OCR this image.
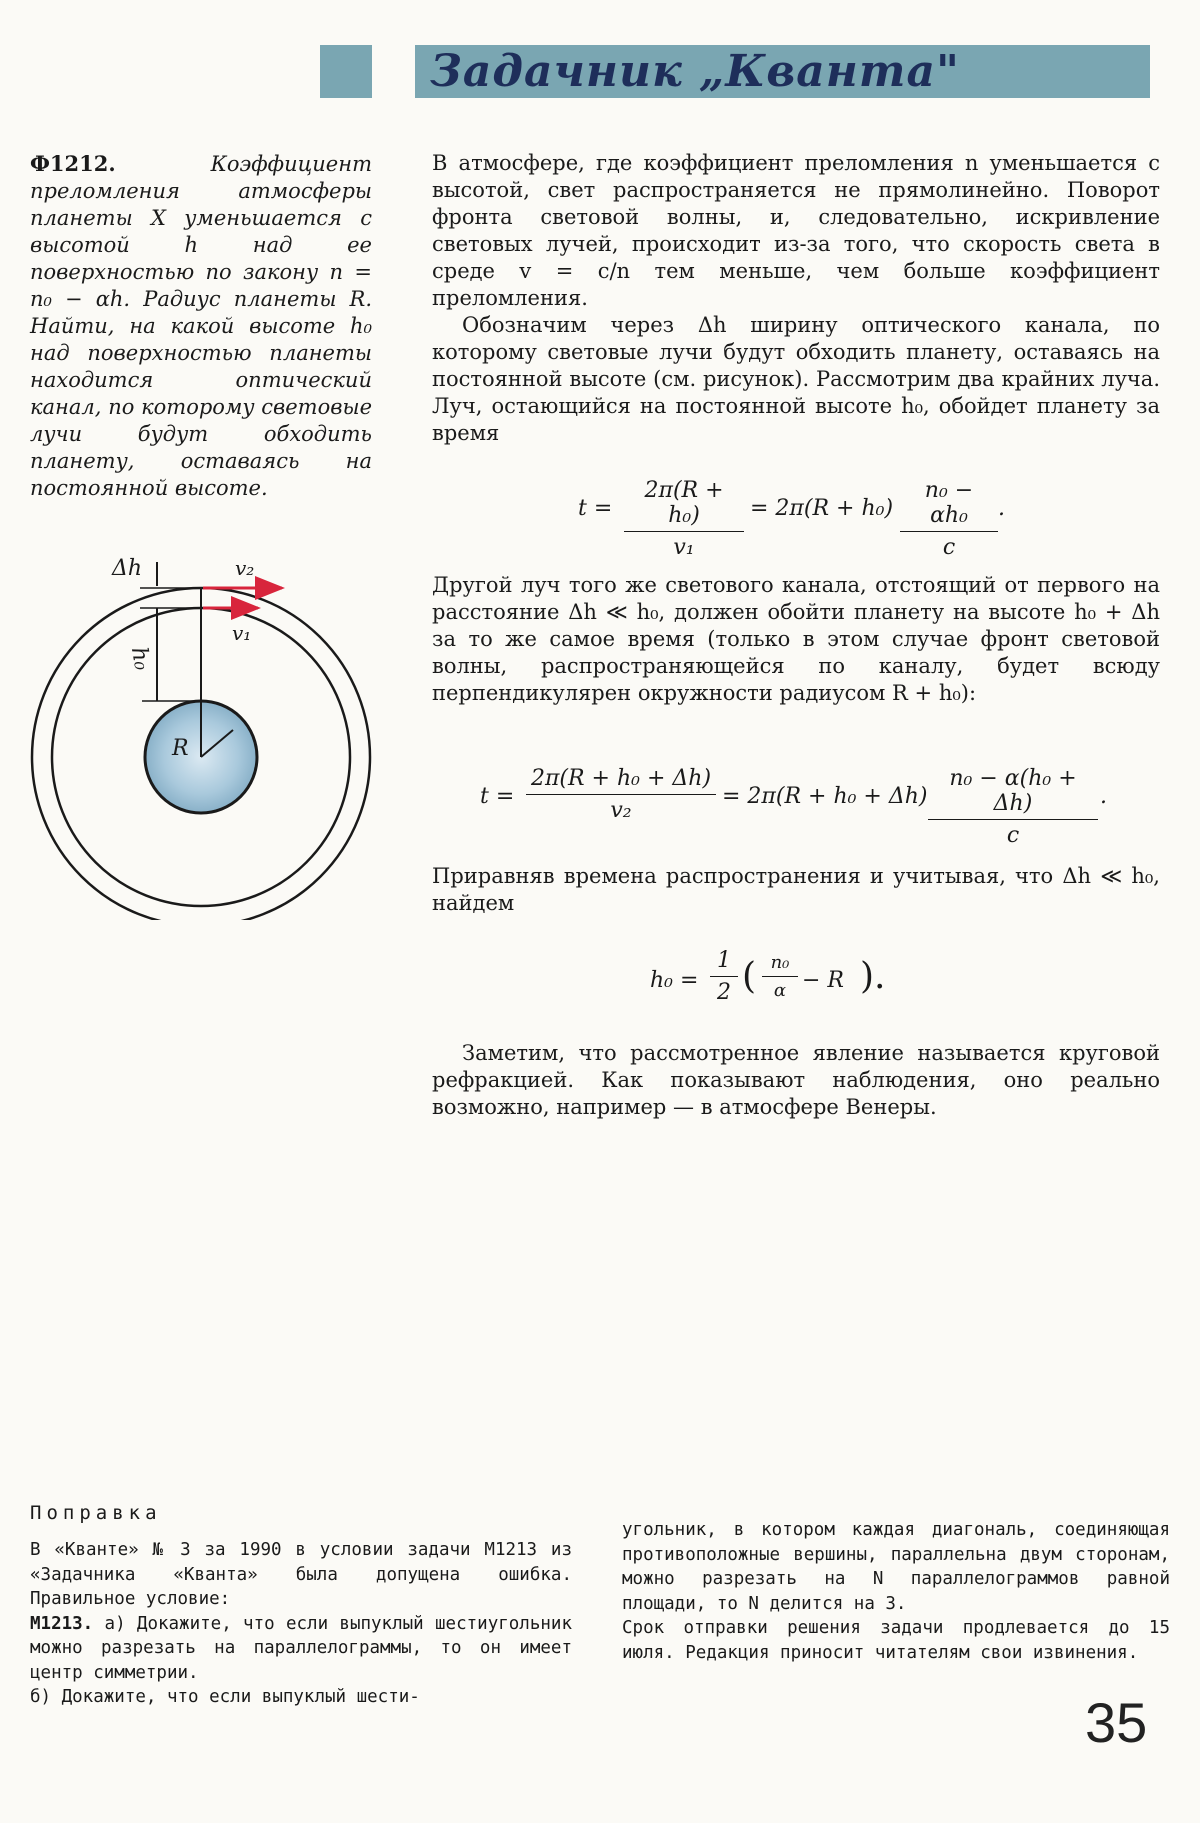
Задачник „Кванта"
Ф1212.	Коэффициент преломления атмосферы планеты X уменьшается с высотой h над ее поверхностью по закону n = n₀ − αh. Радиус планеты R. Найти, на какой высоте h₀ над поверхностью планеты находится оптический канал, по которому световые лучи будут обходить планету, оставаясь на постоянной высоте.
Δh
h₀
v₂
v₁
R

В атмосфере, где коэффициент преломления n уменьшается с высотой, свет распространяется не прямолинейно. Поворот фронта световой волны, и, следовательно, искривление световых лучей, происходит из-за того, что скорость света в среде v = c/n тем меньше, чем больше коэффициент преломления.

Обозначим через Δh ширину оптического канала, по которому световые лучи будут обходить планету, оставаясь на постоянной высоте (см. рисунок). Рассмотрим два крайних луча. Луч, остающийся на постоянной высоте h₀, обойдет планету за время

t =
2π(R + h₀)
v₁
= 2π(R + h₀)
n₀ − αh₀
c
.

Другой луч того же светового канала, отстоящий от первого на расстояние Δh ≪ h₀, должен обойти планету на высоте h₀ + Δh за то же самое время (только в этом случае фронт световой волны, распространяющейся по каналу, будет всюду перпендикулярен окружности радиусом R + h₀):

t =
2π(R + h₀ + Δh)
v₂
= 2π(R + h₀ + Δh)
n₀ − α(h₀ + Δh)
c
.

Приравняв времена распространения и учитывая, что Δh ≪ h₀, найдем

h₀ =
1
2 ( n₀
α − R ).

Заметим, что рассмотренное явление называется круговой рефракцией. Как показывают наблюдения, оно реально возможно, например — в атмосфере Венеры.

Поправка

В «Кванте» № 3 за 1990 в условии задачи М1213 из «Задачника «Кванта» была допущена ошибка. Правильное условие:

М1213. а) Докажите, что если выпуклый шестиугольник можно разрезать на параллелограммы, то он имеет центр симметрии.

б) Докажите, что если выпуклый шести-

угольник, в котором каждая диагональ, соединяющая противоположные вершины, параллельна двум сторонам, можно разрезать на N параллелограммов равной площади, то N делится на 3.

Срок отправки решения задачи продлевается до 15 июля. Редакция приносит читателям свои извинения.

35
